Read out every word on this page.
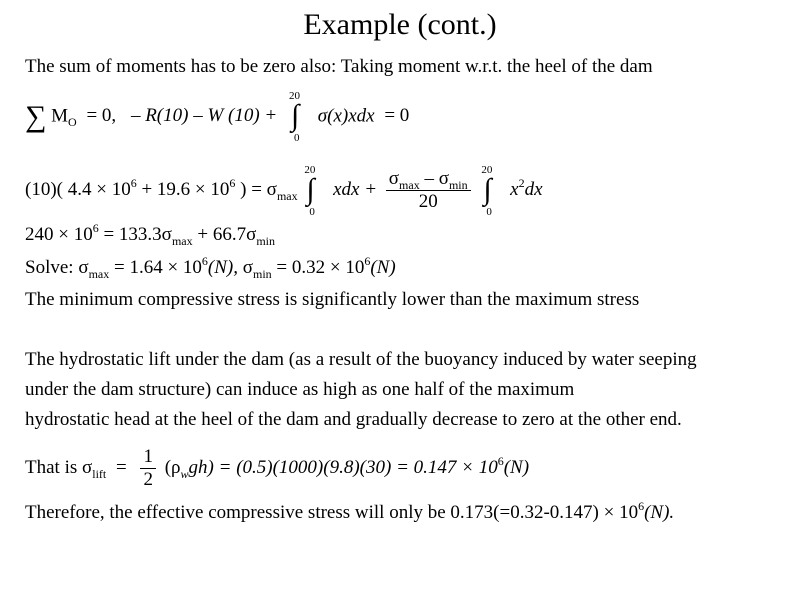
Example (cont.)
The sum of moments has to be zero also: Taking moment w.r.t. the heel of the dam
∑ $M_O = 0$, – R(10) – W (10) +
20
∫
0
σ(x)xdx = 0
(10)( $4.4 \times 10^6 + 19.6 \times 10^6$ ) = $\sigma_{max}$
20
∫
0
xdx + $\frac{\sigma_{max} - \sigma_{min}}{20}$
20
∫
0
$x^2dx$
$240 \times 10^6 = 133.3\sigma_{max} + 66.7\sigma_{min}$
Solve: $\sigma_{max} = 1.64 \times 10^6(N)$, $\sigma_{min} = 0.32 \times 10^6(N)$
The minimum compressive stress is significantly lower than the maximum stress
The hydrostatic lift under the dam (as a result of the buoyancy induced by water seeping
under the dam structure) can induce as high as one half of the maximum
hydrostatic head at the heel of the dam and gradually decrease to zero at the other end.
That is $\sigma_{lift} = \frac{1}{2} (\rho_wgh) = (0.5)(1000)(9.8)(30) = 0.147 \times 10^6(N)$
Therefore, the effective compressive stress will only be $0.173(=0.32-0.147) \times 10^6(N)$.
